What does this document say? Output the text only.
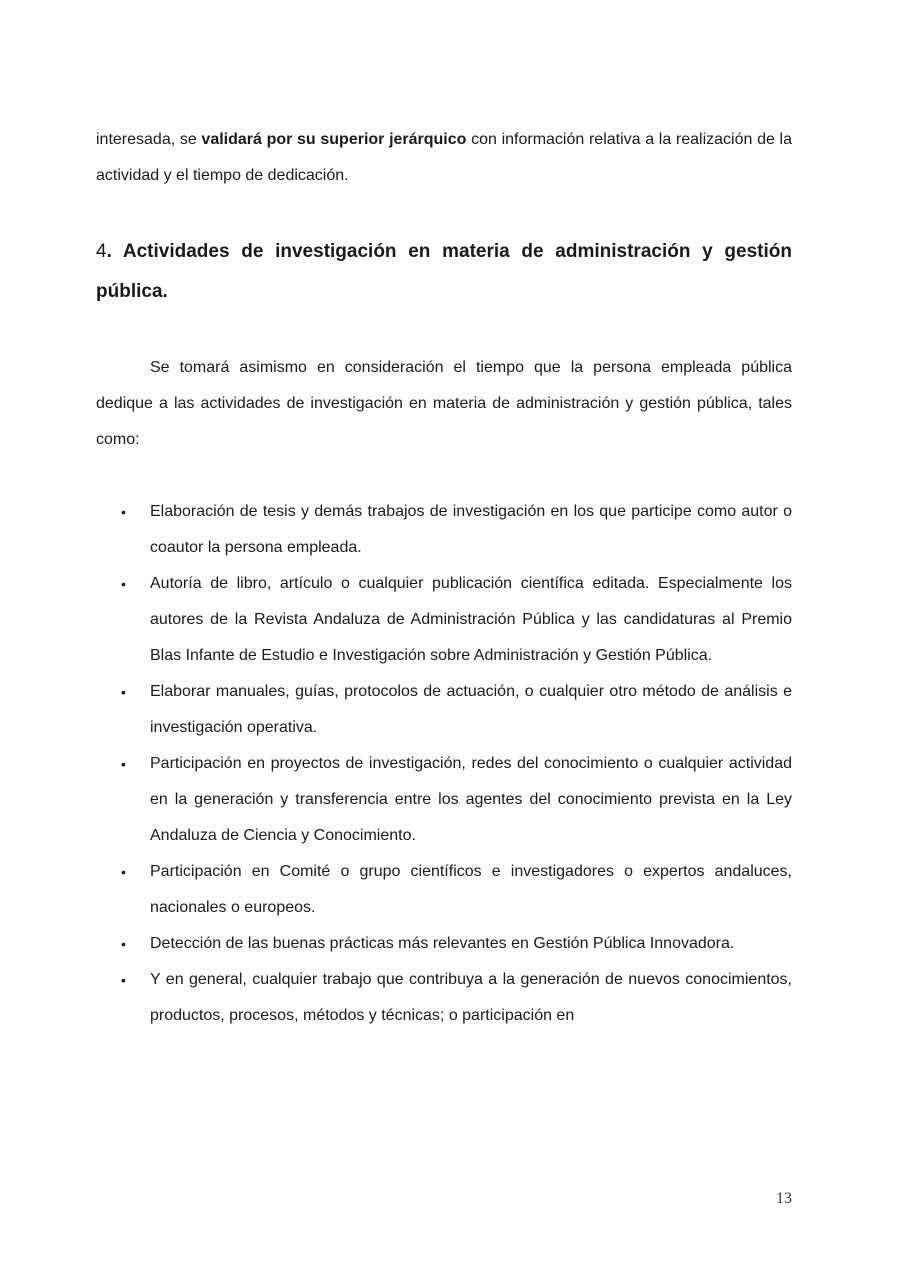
interesada, se validará por su superior jerárquico con información relativa a la realización de la actividad y el tiempo de dedicación.

4. Actividades de investigación en materia de administración y gestión pública.

Se tomará asimismo en consideración el tiempo que la persona empleada pública dedique a las actividades de investigación en materia de administración y gestión pública, tales como:

• Elaboración de tesis y demás trabajos de investigación en los que participe como autor o coautor la persona empleada.
• Autoría de libro, artículo o cualquier publicación científica editada. Especialmente los autores de la Revista Andaluza de Administración Pública y las candidaturas al Premio Blas Infante de Estudio e Investigación sobre Administración y Gestión Pública.
• Elaborar manuales, guías, protocolos de actuación, o cualquier otro método de análisis e investigación operativa.
• Participación en proyectos de investigación, redes del conocimiento o cualquier actividad en la generación y transferencia entre los agentes del conocimiento prevista en la Ley Andaluza de Ciencia y Conocimiento.
• Participación en Comité o grupo científicos e investigadores o expertos andaluces, nacionales o europeos.
• Detección de las buenas prácticas más relevantes en Gestión Pública Innovadora.
• Y en general, cualquier trabajo que contribuya a la generación de nuevos conocimientos, productos, procesos, métodos y técnicas; o participación en
13
